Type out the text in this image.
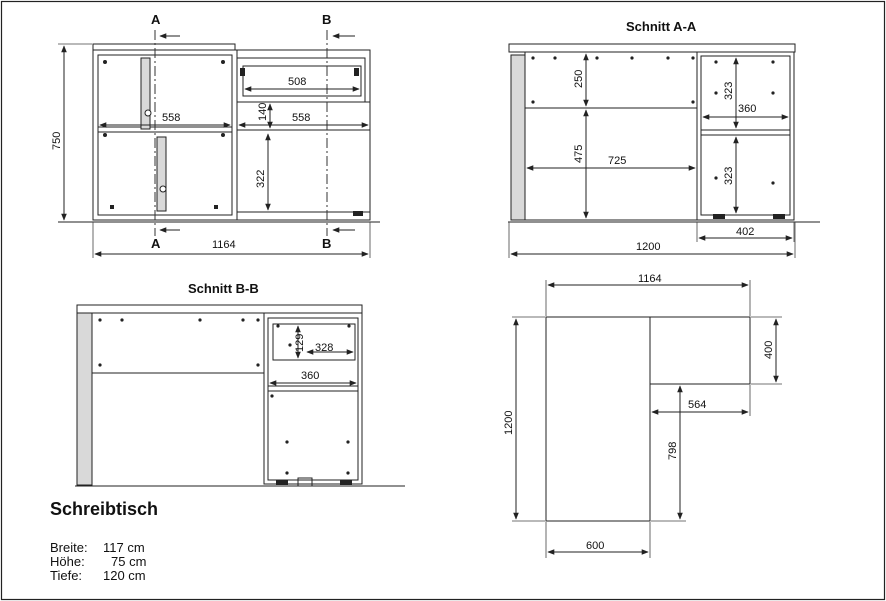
A
A
B
B
750
1164
508
558	558
140
322
Schnitt A-A
250
475 725
323
323
360
402
1200
Schnitt B-B
129 328
360
1164
400
564
798
1200
600
Schreibtisch
Breite: 117 cm
Höhe: 75 cm
Tiefe: 120 cm
